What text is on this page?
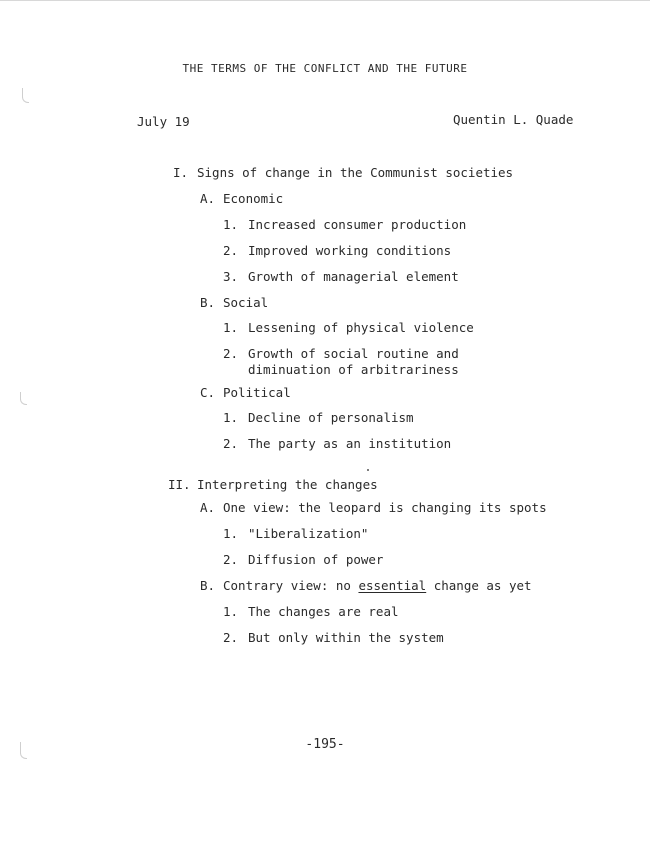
THE TERMS OF THE CONFLICT AND THE FUTURE
July 19	Quentin L. Quade
I. Signs of change in the Communist societies
A. Economic
1. Increased consumer production
2. Improved working conditions
3. Growth of managerial element
B. Social
1. Lessening of physical violence
2. Growth of social routine and diminuation of arbitrariness
C. Political
1. Decline of personalism
2. The party as an institution
II. Interpreting the changes
A. One view: the leopard is changing its spots
1. "Liberalization"
2. Diffusion of power
B. Contrary view: no essential change as yet
1. The changes are real
2. But only within the system
-195-
